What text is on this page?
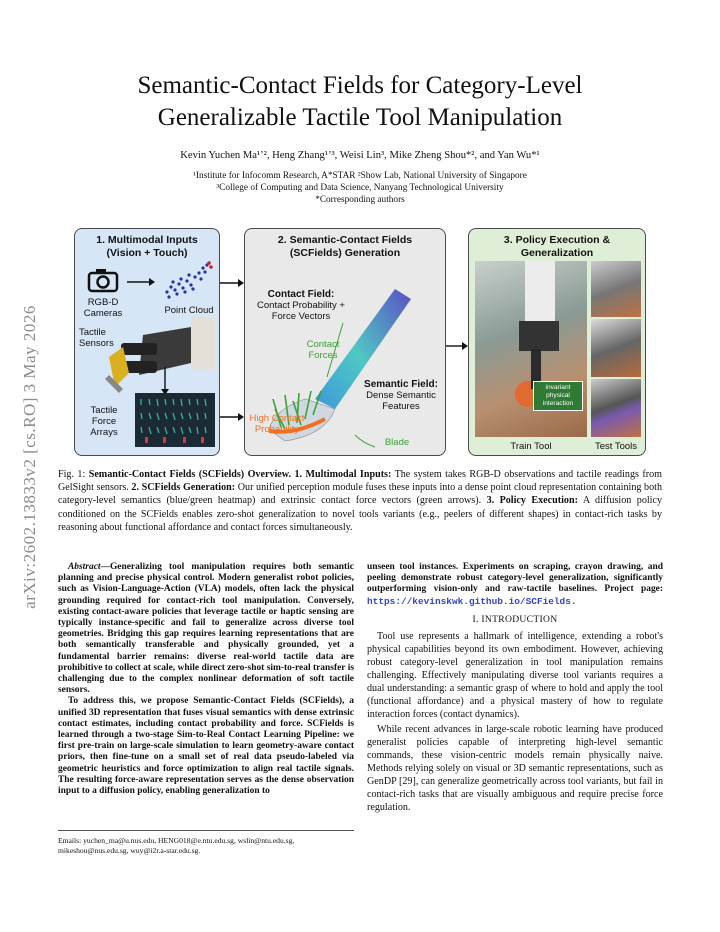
arXiv:2602.13833v2 [cs.RO] 3 May 2026
Semantic-Contact Fields for Category-Level
Generalizable Tactile Tool Manipulation
Kevin Yuchen Ma¹ʼ², Heng Zhang¹ʼ³, Weisi Lin³, Mike Zheng Shou*², and Yan Wu*¹
¹Institute for Infocomm Research, A*STAR ²Show Lab, National University of Singapore
³College of Computing and Data Science, Nanyang Technological University
*Corresponding authors
1. Multimodal Inputs (Vision + Touch)
RGB-D Cameras	Point Cloud
Tactile Sensors
Tactile Force Arrays
2. Semantic-Contact Fields (SCFields) Generation
Contact Field:
Contact Probability + Force Vectors
Contact Forces
High Contact Probability
Semantic Field:
Dense Semantic Features
Blade
3. Policy Execution & Generalization
invariant physical interaction
Train Tool	Test Tools
Fig. 1: Semantic-Contact Fields (SCFields) Overview. 1. Multimodal Inputs: The system takes RGB-D observations and tactile readings from GelSight sensors. 2. SCFields Generation: Our unified perception module fuses these inputs into a dense point cloud representation containing both category-level semantics (blue/green heatmap) and extrinsic contact force vectors (green arrows). 3. Policy Execution: A diffusion policy conditioned on the SCFields enables zero-shot generalization to novel tools variants (e.g., peelers of different shapes) in contact-rich tasks by reasoning about functional affordance and contact forces simultaneously.
Abstract—Generalizing tool manipulation requires both semantic planning and precise physical control. Modern generalist robot policies, such as Vision-Language-Action (VLA) models, often lack the physical grounding required for contact-rich tool manipulation. Conversely, existing contact-aware policies that leverage tactile or haptic sensing are typically instance-specific and fail to generalize across diverse tool geometries. Bridging this gap requires learning representations that are both semantically transferable and physically grounded, yet a fundamental barrier remains: diverse real-world tactile data are prohibitive to collect at scale, while direct zero-shot sim-to-real transfer is challenging due to the complex nonlinear deformation of soft tactile sensors.
To address this, we propose Semantic-Contact Fields (SCFields), a unified 3D representation that fuses visual semantics with dense extrinsic contact estimates, including contact probability and force. SCFields is learned through a two-stage Sim-to-Real Contact Learning Pipeline: we first pre-train on large-scale simulation to learn geometry-aware contact priors, then fine-tune on a small set of real data pseudo-labeled via geometric heuristics and force optimization to align real tactile signals. The resulting force-aware representation serves as the dense observation input to a diffusion policy, enabling generalization to
unseen tool instances. Experiments on scraping, crayon drawing, and peeling demonstrate robust category-level generalization, significantly outperforming vision-only and raw-tactile baselines. Project page: https://kevinskwk.github.io/SCFields.
I. INTRODUCTION
Tool use represents a hallmark of intelligence, extending a robot's physical capabilities beyond its own embodiment. However, achieving robust category-level generalization in tool manipulation remains challenging. Effectively manipulating diverse tool variants requires a dual understanding: a semantic grasp of where to hold and apply the tool (functional affordance) and a physical mastery of how to regulate interaction forces (contact dynamics).
While recent advances in large-scale robotic learning have produced generalist policies capable of interpreting high-level semantic commands, these vision-centric models remain physically naive. Methods relying solely on visual or 3D semantic representations, such as GenDP [29], can generalize geometrically across tool variants, but fail in contact-rich tasks that are visually ambiguous and require precise force regulation.
Emails: yuchen_ma@u.nus.edu, HENG018@e.ntu.edu.sg, wslin@ntu.edu.sg, mikeshou@nus.edu.sg, wuy@i2r.a-star.edu.sg.
